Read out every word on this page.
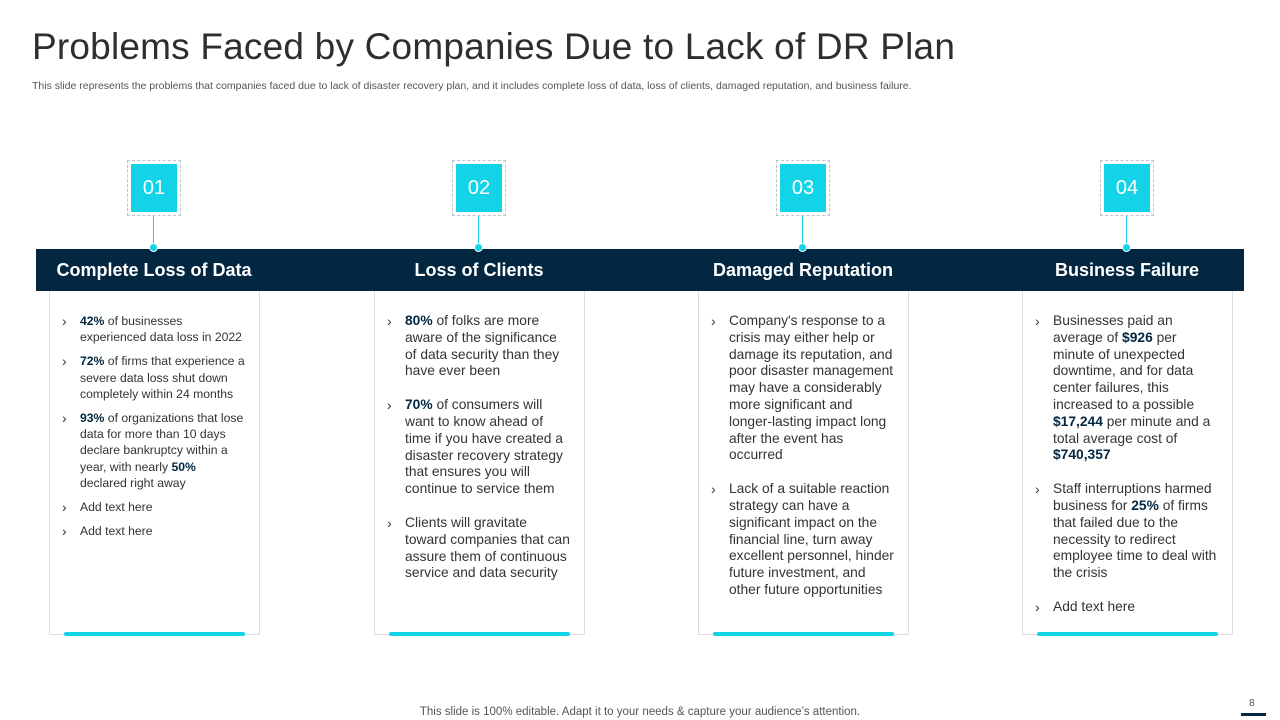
Problems Faced by Companies Due to Lack of DR Plan
This slide represents the problems that companies faced due to lack of disaster recovery plan, and it includes complete loss of data, loss of clients, damaged reputation, and business failure.
01
Complete Loss of Data
› 42% of businesses experienced data loss in 2022
› 72% of firms that experience a severe data loss shut down completely within 24 months
› 93% of organizations that lose data for more than 10 days declare bankruptcy within a year, with nearly 50% declared right away
› Add text here
› Add text here
02
Loss of Clients
› 80% of folks are more aware of the significance of data security than they have ever been
› 70% of consumers will want to know ahead of time if you have created a disaster recovery strategy that ensures you will continue to service them
› Clients will gravitate toward companies that can assure them of continuous service and data security
03
Damaged Reputation
› Company's response to a crisis may either help or damage its reputation, and poor disaster management may have a considerably more significant and longer-lasting impact long after the event has occurred
› Lack of a suitable reaction strategy can have a significant impact on the financial line, turn away excellent personnel, hinder future investment, and other future opportunities
04
Business Failure
› Businesses paid an average of $926 per minute of unexpected downtime, and for data center failures, this increased to a possible $17,244 per minute and a total average cost of $740,357
› Staff interruptions harmed business for 25% of firms that failed due to the necessity to redirect employee time to deal with the crisis
› Add text here
This slide is 100% editable. Adapt it to your needs & capture your audience’s attention.
8
